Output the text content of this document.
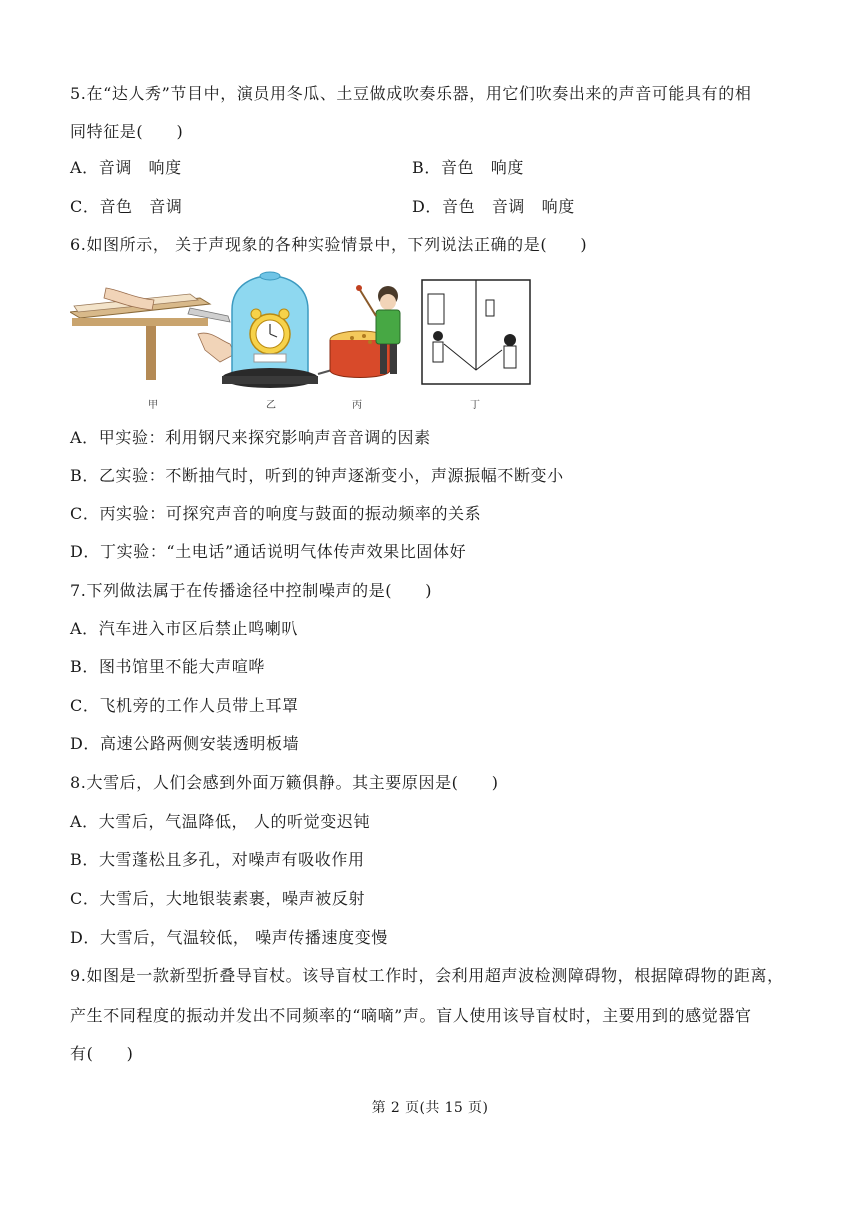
5.在“达人秀”节目中，演员用冬瓜、土豆做成吹奏乐器，用它们吹奏出来的声音可能具有的相
同特征是(　　)
A．音调　响度	B．音色　响度
C．音色　音调	D．音色　音调　响度
6.如图所示， 关于声现象的各种实验情景中，下列说法正确的是(　　)
甲	乙	丙	丁
A．甲实验：利用钢尺来探究影响声音音调的因素
B．乙实验：不断抽气时，听到的钟声逐渐变小，声源振幅不断变小
C．丙实验：可探究声音的响度与鼓面的振动频率的关系
D．丁实验：“土电话”通话说明气体传声效果比固体好
7.下列做法属于在传播途径中控制噪声的是(　　)
A．汽车进入市区后禁止鸣喇叭
B．图书馆里不能大声喧哗
C．飞机旁的工作人员带上耳罩
D．高速公路两侧安装透明板墙
8.大雪后，人们会感到外面万籁俱静。其主要原因是(　　)
A．大雪后，气温降低， 人的听觉变迟钝
B．大雪蓬松且多孔，对噪声有吸收作用
C．大雪后，大地银装素裹，噪声被反射
D．大雪后，气温较低， 噪声传播速度变慢
9.如图是一款新型折叠导盲杖。该导盲杖工作时，会利用超声波检测障碍物，根据障碍物的距离，
产生不同程度的振动并发出不同频率的“嘀嘀”声。盲人使用该导盲杖时，主要用到的感觉器官
有(　　)
第 2 页(共 15 页)
